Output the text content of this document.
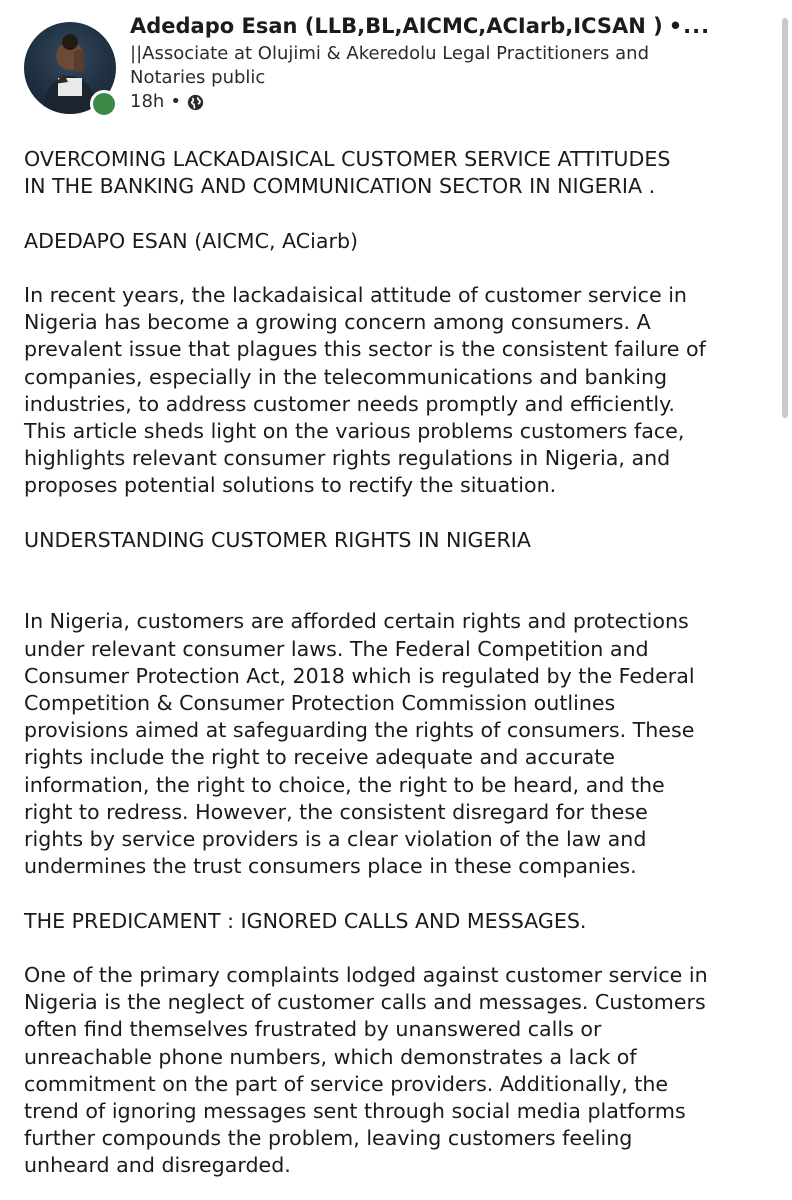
Adedapo Esan (LLB,BL,AICMC,ACIarb,ICSAN ) •...
||Associate at Olujimi & Akeredolu Legal Practitioners and
Notaries public
18h •

OVERCOMING LACKADAISICAL CUSTOMER SERVICE ATTITUDES

IN THE BANKING AND COMMUNICATION SECTOR IN NIGERIA .

ADEDAPO ESAN (AICMC, ACiarb)

In recent years, the lackadaisical attitude of customer service in

Nigeria has become a growing concern among consumers. A

prevalent issue that plagues this sector is the consistent failure of

companies, especially in the telecommunications and banking

industries, to address customer needs promptly and efficiently.

This article sheds light on the various problems customers face,

highlights relevant consumer rights regulations in Nigeria, and

proposes potential solutions to rectify the situation.

UNDERSTANDING CUSTOMER RIGHTS IN NIGERIA

In Nigeria, customers are afforded certain rights and protections

under relevant consumer laws. The Federal Competition and

Consumer Protection Act, 2018 which is regulated by the Federal

Competition & Consumer Protection Commission outlines

provisions aimed at safeguarding the rights of consumers. These

rights include the right to receive adequate and accurate

information, the right to choice, the right to be heard, and the

right to redress. However, the consistent disregard for these

rights by service providers is a clear violation of the law and

undermines the trust consumers place in these companies.

THE PREDICAMENT : IGNORED CALLS AND MESSAGES.

One of the primary complaints lodged against customer service in

Nigeria is the neglect of customer calls and messages. Customers

often find themselves frustrated by unanswered calls or

unreachable phone numbers, which demonstrates a lack of

commitment on the part of service providers. Additionally, the

trend of ignoring messages sent through social media platforms

further compounds the problem, leaving customers feeling

unheard and disregarded.
